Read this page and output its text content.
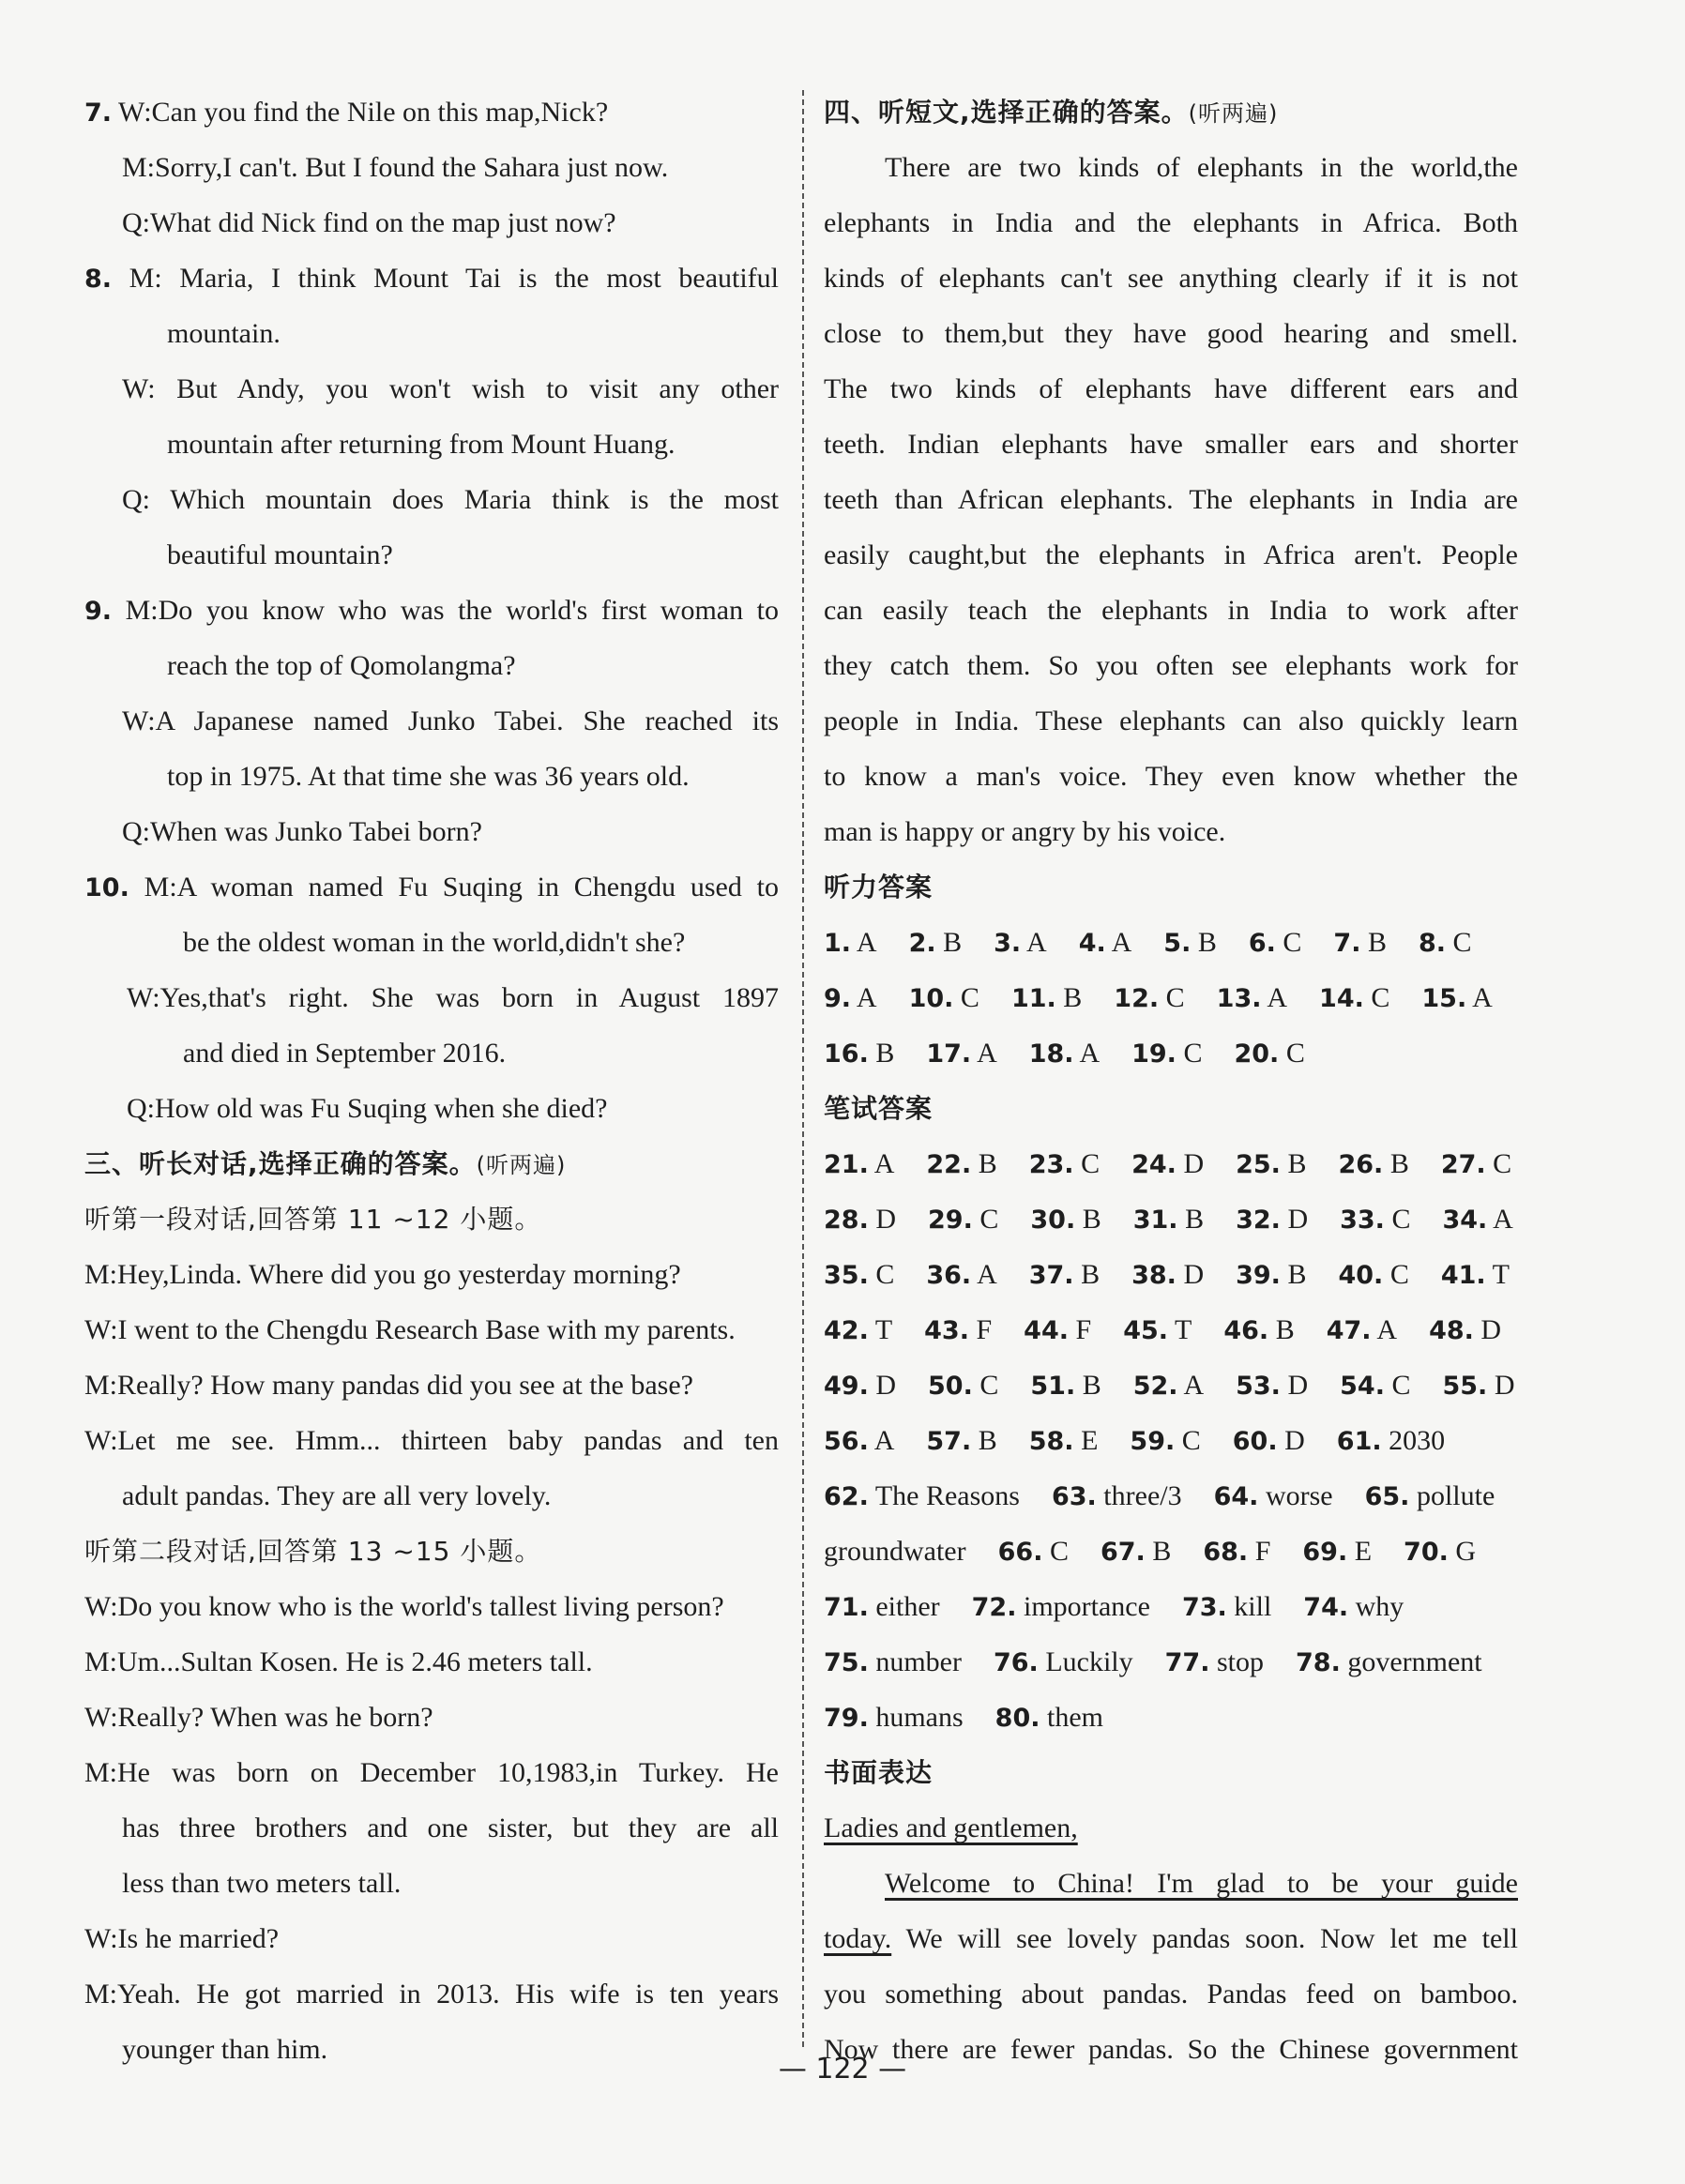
7. W:Can you find the Nile on this map,Nick?
M:Sorry,I can't. But I found the Sahara just now.
Q:What did Nick find on the map just now?
8. M: Maria, I think Mount Tai is the most beautiful
mountain.
W: But Andy, you won't wish to visit any other
mountain after returning from Mount Huang.
Q: Which mountain does Maria think is the most
beautiful mountain?
9. M:Do you know who was the world's first woman to
reach the top of Qomolangma?
W:A Japanese named Junko Tabei. She reached its
top in 1975. At that time she was 36 years old.
Q:When was Junko Tabei born?
10. M:A woman named Fu Suqing in Chengdu used to
be the oldest woman in the world,didn't she?
W:Yes,that's right. She was born in August 1897
and died in September 2016.
Q:How old was Fu Suqing when she died?
三、听长对话,选择正确的答案。(听两遍)
听第一段对话,回答第 11 ~12 小题。
M:Hey,Linda. Where did you go yesterday morning?
W:I went to the Chengdu Research Base with my parents.
M:Really? How many pandas did you see at the base?
W:Let me see. Hmm... thirteen baby pandas and ten
adult pandas. They are all very lovely.
听第二段对话,回答第 13 ~15 小题。
W:Do you know who is the world's tallest living person?
M:Um...Sultan Kosen. He is 2.46 meters tall.
W:Really? When was he born?
M:He was born on December 10,1983,in Turkey. He
has three brothers and one sister, but they are all
less than two meters tall.
W:Is he married?
M:Yeah. He got married in 2013. His wife is ten years
younger than him.
四、听短文,选择正确的答案。(听两遍)
There are two kinds of elephants in the world,the
elephants in India and the elephants in Africa. Both
kinds of elephants can't see anything clearly if it is not
close to them,but they have good hearing and smell.
The two kinds of elephants have different ears and
teeth. Indian elephants have smaller ears and shorter
teeth than African elephants. The elephants in India are
easily caught,but the elephants in Africa aren't. People
can easily teach the elephants in India to work after
they catch them. So you often see elephants work for
people in India. These elephants can also quickly learn
to know a man's voice. They even know whether the
man is happy or angry by his voice.
听力答案
1. A 2. B 3. A 4. A 5. B 6. C 7. B 8. C
9. A 10. C 11. B 12. C 13. A 14. C 15. A
16. B 17. A 18. A 19. C 20. C
笔试答案
21. A 22. B 23. C 24. D 25. B 26. B 27. C
28. D 29. C 30. B 31. B 32. D 33. C 34. A
35. C 36. A 37. B 38. D 39. B 40. C 41. T
42. T 43. F 44. F 45. T 46. B 47. A 48. D
49. D 50. C 51. B 52. A 53. D 54. C 55. D
56. A 57. B 58. E 59. C 60. D 61. 2030
62. The Reasons 63. three/3 64. worse 65. pollute
groundwater 66. C 67. B 68. F 69. E 70. G
71. either 72. importance 73. kill 74. why
75. number 76. Luckily 77. stop 78. government
79. humans 80. them
书面表达
Ladies and gentlemen,
Welcome to China! I'm glad to be your guide
today. We will see lovely pandas soon. Now let me tell
you something about pandas. Pandas feed on bamboo.
Now there are fewer pandas. So the Chinese government
— 122 —
